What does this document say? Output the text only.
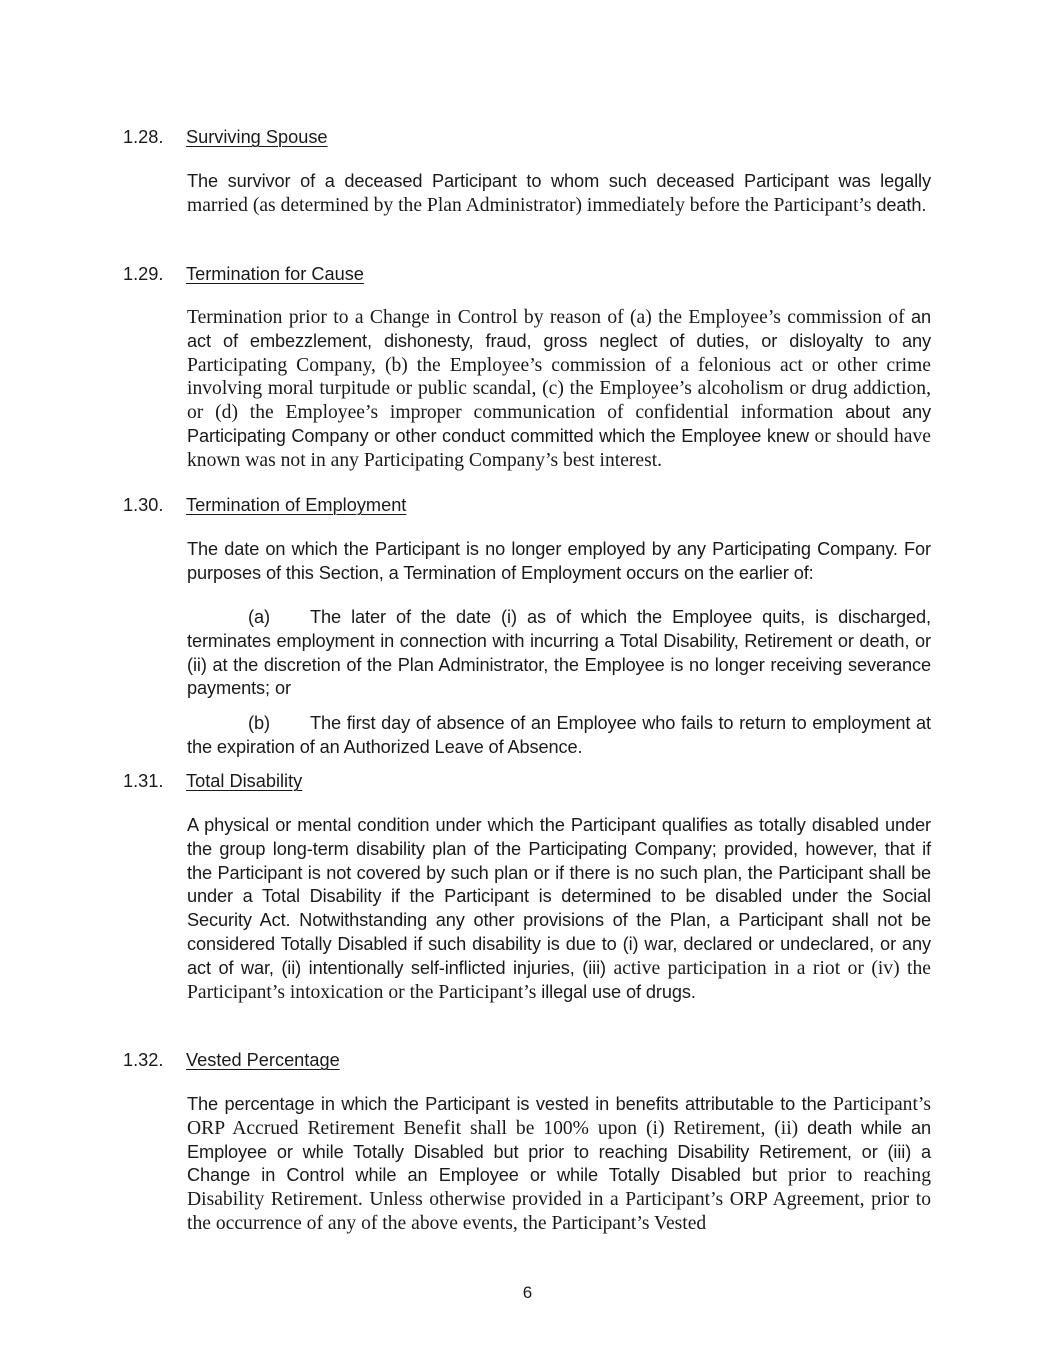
1.28. Surviving Spouse
The survivor of a deceased Participant to whom such deceased Participant was legally married (as determined by the Plan Administrator) immediately before the Participant’s death.
1.29. Termination for Cause
Termination prior to a Change in Control by reason of (a) the Employee’s commission of an act of embezzlement, dishonesty, fraud, gross neglect of duties, or disloyalty to any Participating Company, (b) the Employee’s commission of a felonious act or other crime involving moral turpitude or public scandal, (c) the Employee’s alcoholism or drug addiction, or (d) the Employee’s improper communication of confidential information about any Participating Company or other conduct committed which the Employee knew or should have known was not in any Participating Company’s best interest.
1.30. Termination of Employment
The date on which the Participant is no longer employed by any Participating Company. For purposes of this Section, a Termination of Employment occurs on the earlier of:
(a) The later of the date (i) as of which the Employee quits, is discharged, terminates employment in connection with incurring a Total Disability, Retirement or death, or (ii) at the discretion of the Plan Administrator, the Employee is no longer receiving severance payments; or
(b) The first day of absence of an Employee who fails to return to employment at the expiration of an Authorized Leave of Absence.
1.31. Total Disability
A physical or mental condition under which the Participant qualifies as totally disabled under the group long-term disability plan of the Participating Company; provided, however, that if the Participant is not covered by such plan or if there is no such plan, the Participant shall be under a Total Disability if the Participant is determined to be disabled under the Social Security Act. Notwithstanding any other provisions of the Plan, a Participant shall not be considered Totally Disabled if such disability is due to (i) war, declared or undeclared, or any act of war, (ii) intentionally self-inflicted injuries, (iii) active participation in a riot or (iv) the Participant’s intoxication or the Participant’s illegal use of drugs.
1.32. Vested Percentage
The percentage in which the Participant is vested in benefits attributable to the Participant’s ORP Accrued Retirement Benefit shall be 100% upon (i) Retirement, (ii) death while an Employee or while Totally Disabled but prior to reaching Disability Retirement, or (iii) a Change in Control while an Employee or while Totally Disabled but prior to reaching Disability Retirement. Unless otherwise provided in a Participant’s ORP Agreement, prior to the occurrence of any of the above events, the Participant’s Vested
6
